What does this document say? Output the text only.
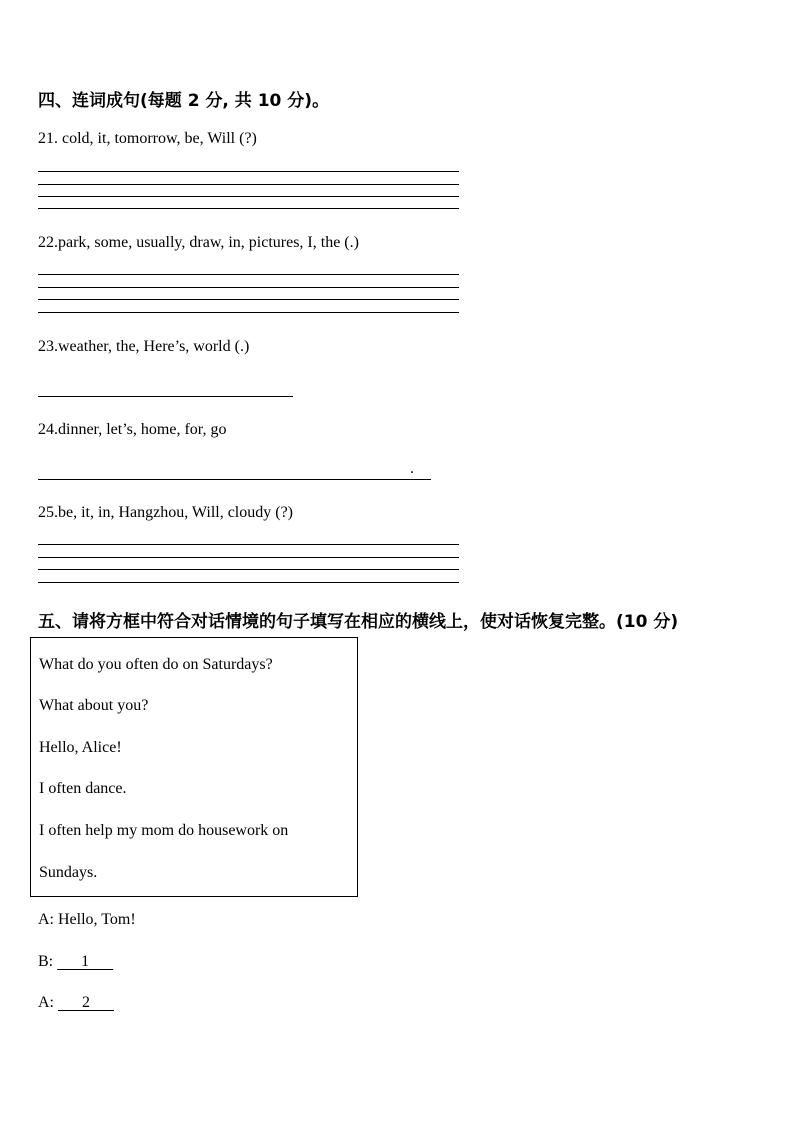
四、连词成句(每题 2 分, 共 10 分)。
21. cold, it, tomorrow, be, Will (?)
22.park, some, usually, draw, in, pictures, I, the (.)
23.weather, the, Here’s, world (.)
24.dinner, let’s, home, for, go
.
25.be, it, in, Hangzhou, Will, cloudy (?)
五、请将方框中符合对话情境的句子填写在相应的横线上，使对话恢复完整。(10 分)
What do you often do on Saturdays?
What about you?
Hello, Alice!
I often dance.
I often help my mom do housework on
Sundays.
A: Hello, Tom!
B:       1
A:       2
